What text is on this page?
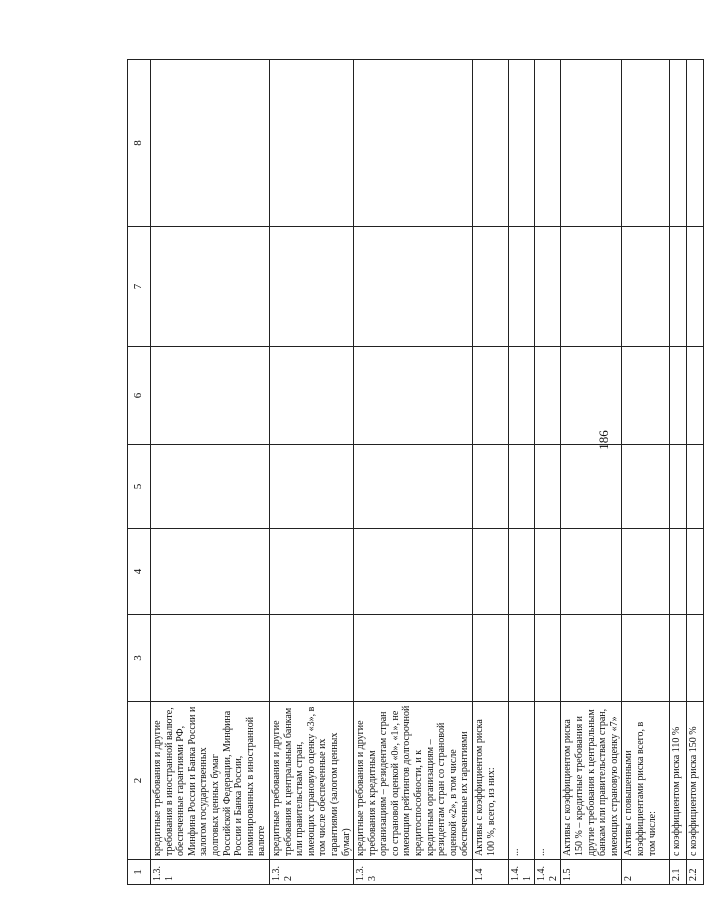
186
1	2	3	4	5	6	7	8
1.3.1	кредитные требования и другие требования в иностранной валюте, обеспеченные гарантиями РФ, Минфина России и Банка России и залогом государственных долговых ценных бумаг Российской Федерации, Минфина России и Банка России, номинированных в иностранной валюте						
1.3.2	кредитные требования и другие требования к центральным банкам или правительствам стран, имеющих страновую оценку «3», в том числе обеспеченные их гарантиями (залогом ценных бумаг)						
1.3.3	кредитные требования и другие требования к кредитным организациям – резидентам стран со страновой оценкой «0», «1», не имеющим рейтингов долгосрочной кредитоспособности, и к кредитным организациям – резидентам стран со страновой оценкой «2», в том числе обеспеченные их гарантиями						
1.4	Активы с коэффициентом риска 100 %, всего, из них:						
1.4.1	...						
1.4.2	...						
1.5	Активы с коэффициентом риска 150 % – кредитные требования и другие требования к центральным банкам или правительствам стран, имеющих страновую оценку «7»						
2	Активы с повышенными коэффициентами риска всего, в том числе:						
2.1	с коэффициентом риска 110 %						
2.2	с коэффициентом риска 150 %						
